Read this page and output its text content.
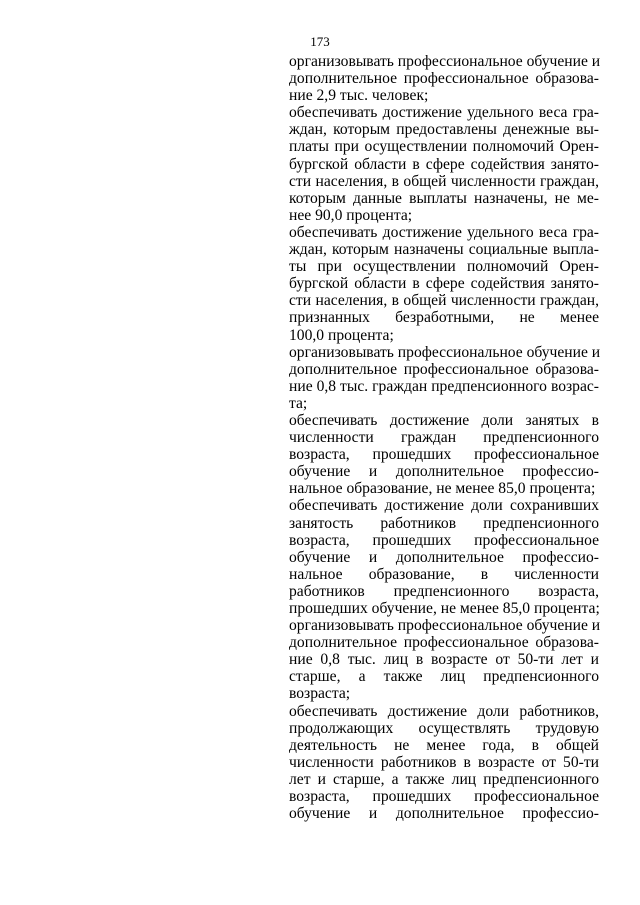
173
организовывать профессиональное обучение и
дополнительное профессиональное образова-
ние 2,9 тыс. человек;
обеспечивать достижение удельного веса гра-
ждан, которым предоставлены денежные вы-
платы при осуществлении полномочий Орен-
бургской области в сфере содействия занято-
сти населения, в общей численности граждан,
которым данные выплаты назначены, не ме-
нее 90,0 процента;
обеспечивать достижение удельного веса гра-
ждан, которым назначены социальные выпла-
ты при осуществлении полномочий Орен-
бургской области в сфере содействия занято-
сти населения, в общей численности граждан,
признанных безработными, не менее
100,0 процента;
организовывать профессиональное обучение и
дополнительное профессиональное образова-
ние 0,8 тыс. граждан предпенсионного возрас-
та;
обеспечивать достижение доли занятых в
численности граждан предпенсионного
возраста, прошедших профессиональное
обучение и дополнительное профессио-
нальное образование, не менее 85,0 процента;
обеспечивать достижение доли сохранивших
занятость работников предпенсионного
возраста, прошедших профессиональное
обучение и дополнительное профессио-
нальное образование, в численности
работников предпенсионного возраста,
прошедших обучение, не менее 85,0 процента;
организовывать профессиональное обучение и
дополнительное профессиональное образова-
ние 0,8 тыс. лиц в возрасте от 50-ти лет и
старше, а также лиц предпенсионного
возраста;
обеспечивать достижение доли работников,
продолжающих осуществлять трудовую
деятельность не менее года, в общей
численности работников в возрасте от 50-ти
лет и старше, а также лиц предпенсионного
возраста, прошедших профессиональное
обучение и дополнительное профессио-
